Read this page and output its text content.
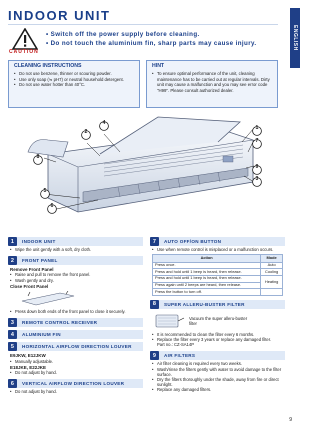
INDOOR UNIT
ENGLISH
CAUTION
• Switch off the power supply before cleaning.
• Do not touch the aluminium fin, sharp parts may cause injury.
CLEANING INSTRUCTIONS
• Do not use benzene, thinner or scouring powder.
• Use only soap (≒ pH7) or neutral household detergent.
• Do not use water hotter than 40°C.
HINT
• To ensure optimal performance of the unit, cleaning maintenance has to be carried out at regular intervals. Dirty unit may cause a malfunction and you may see error code "H99". Please consult authorized dealer.
2
4
1
7
8
9
3
5
6
1	INDOOR UNIT
• Wipe the unit gently with a soft, dry cloth.
2	FRONT PANEL
Remove Front Panel
• Raise and pull to remove the front panel.
• Wash gently and dry.
Close Front Panel
• Press down both ends of the front panel to close it securely.
3	REMOTE CONTROL RECEIVER
4	ALUMINIUM FIN
5	HORIZONTAL AIRFLOW DIRECTION LOUVER
E9JKW, E12JKW
• Manually adjustable.
E18JKE, E22JKE
• Do not adjust by hand.
6	VERTICAL AIRFLOW DIRECTION LOUVER
• Do not adjust by hand.
7	AUTO OFF/ON BUTTON
• Use when remote control is misplaced or a malfunction occurs.
Action	Mode
Press once.	Auto
Press and hold until 1 beep is heard, then release.	Cooling
Press and hold until 1 beep is heard, then release.	Heating
Press again until 2 beeps are heard, then release.	
Press the button to turn off.	
8	SUPER ALLERU-BUSTER FILTER
Vacuum the super alleru-buster filter
• It is recommended to clean the filter every 6 months.
• Replace the filter every 3 years or replace any damaged filter.
Part no.: CZ-SA14P
9	AIR FILTERS
• Air filter cleaning is required every two weeks.
• Wash/rinse the filters gently with water to avoid damage to the filter surface.
• Dry the filters thoroughly under the shade, away from fire or direct sunlight.
• Replace any damaged filters.
9
